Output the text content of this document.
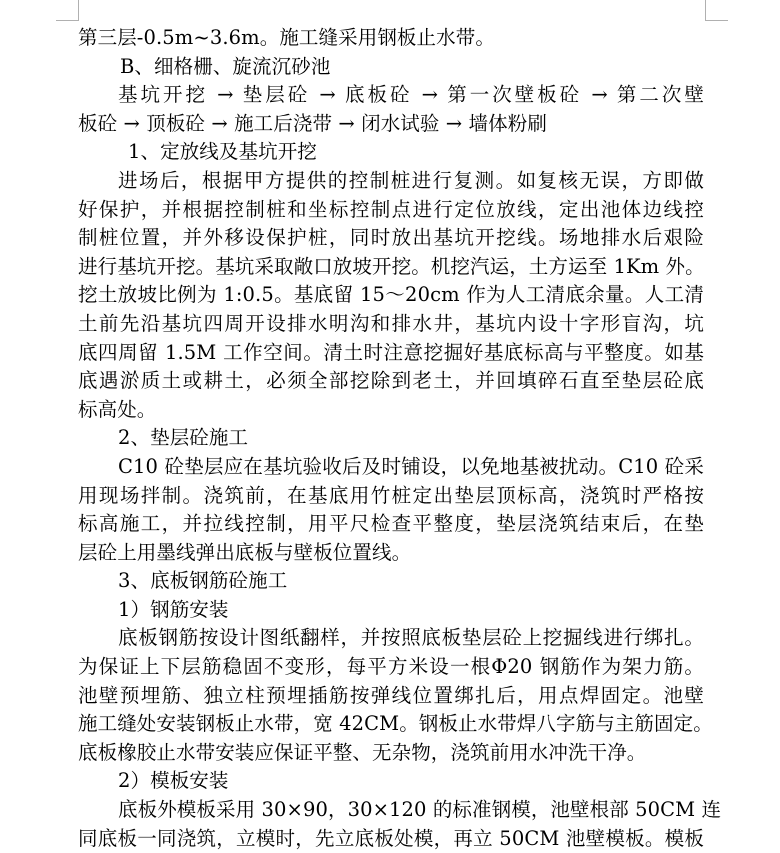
第三层-0.5m~3.6m。施工缝采用钢板止水带。
B、细格栅、旋流沉砂池
基坑开挖 → 垫层砼 → 底板砼 → 第一次壁板砼 → 第二次壁
板砼 → 顶板砼 → 施工后浇带 → 闭水试验 → 墙体粉刷
1、定放线及基坑开挖
进场后，根据甲方提供的控制桩进行复测。如复核无误，方即做
好保护，并根据控制桩和坐标控制点进行定位放线，定出池体边线控
制桩位置，并外移设保护桩，同时放出基坑开挖线。场地排水后艰险
进行基坑开挖。基坑采取敞口放坡开挖。机挖汽运，土方运至 1Km 外。
挖土放坡比例为 1:0.5。基底留 15～20cm 作为人工清底余量。人工清
土前先沿基坑四周开设排水明沟和排水井，基坑内设十字形盲沟，坑
底四周留 1.5M 工作空间。清土时注意挖掘好基底标高与平整度。如基
底遇淤质土或耕土，必须全部挖除到老土，并回填碎石直至垫层砼底
标高处。
2、垫层砼施工
C10 砼垫层应在基坑验收后及时铺设，以免地基被扰动。C10 砼采
用现场拌制。浇筑前，在基底用竹桩定出垫层顶标高，浇筑时严格按
标高施工，并拉线控制，用平尺检查平整度，垫层浇筑结束后，在垫
层砼上用墨线弹出底板与壁板位置线。
3、底板钢筋砼施工
1）钢筋安装
底板钢筋按设计图纸翻样，并按照底板垫层砼上挖掘线进行绑扎。
为保证上下层筋稳固不变形，每平方米设一根Φ20 钢筋作为架力筋。
池壁预埋筋、独立柱预埋插筋按弹线位置绑扎后，用点焊固定。池壁
施工缝处安装钢板止水带，宽 42CM。钢板止水带焊八字筋与主筋固定。
底板橡胶止水带安装应保证平整、无杂物，浇筑前用水冲洗干净。
2）模板安装
底板外模板采用 30×90，30×120 的标准钢模，池壁根部 50CM 连
同底板一同浇筑，立模时，先立底板处模，再立 50CM 池壁模板。模板
